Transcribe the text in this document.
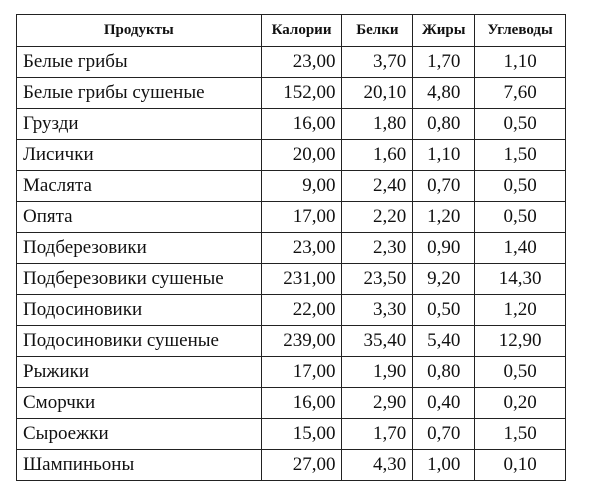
Продукты	Калории	Белки	Жиры	Углеводы
Белые грибы	23,00	3,70	1,70	1,10
Белые грибы сушеные	152,00	20,10	4,80	7,60
Грузди	16,00	1,80	0,80	0,50
Лисички	20,00	1,60	1,10	1,50
Маслята	9,00	2,40	0,70	0,50
Опята	17,00	2,20	1,20	0,50
Подберезовики	23,00	2,30	0,90	1,40
Подберезовики сушеные	231,00	23,50	9,20	14,30
Подосиновики	22,00	3,30	0,50	1,20
Подосиновики сушеные	239,00	35,40	5,40	12,90
Рыжики	17,00	1,90	0,80	0,50
Сморчки	16,00	2,90	0,40	0,20
Сыроежки	15,00	1,70	0,70	1,50
Шампиньоны	27,00	4,30	1,00	0,10
